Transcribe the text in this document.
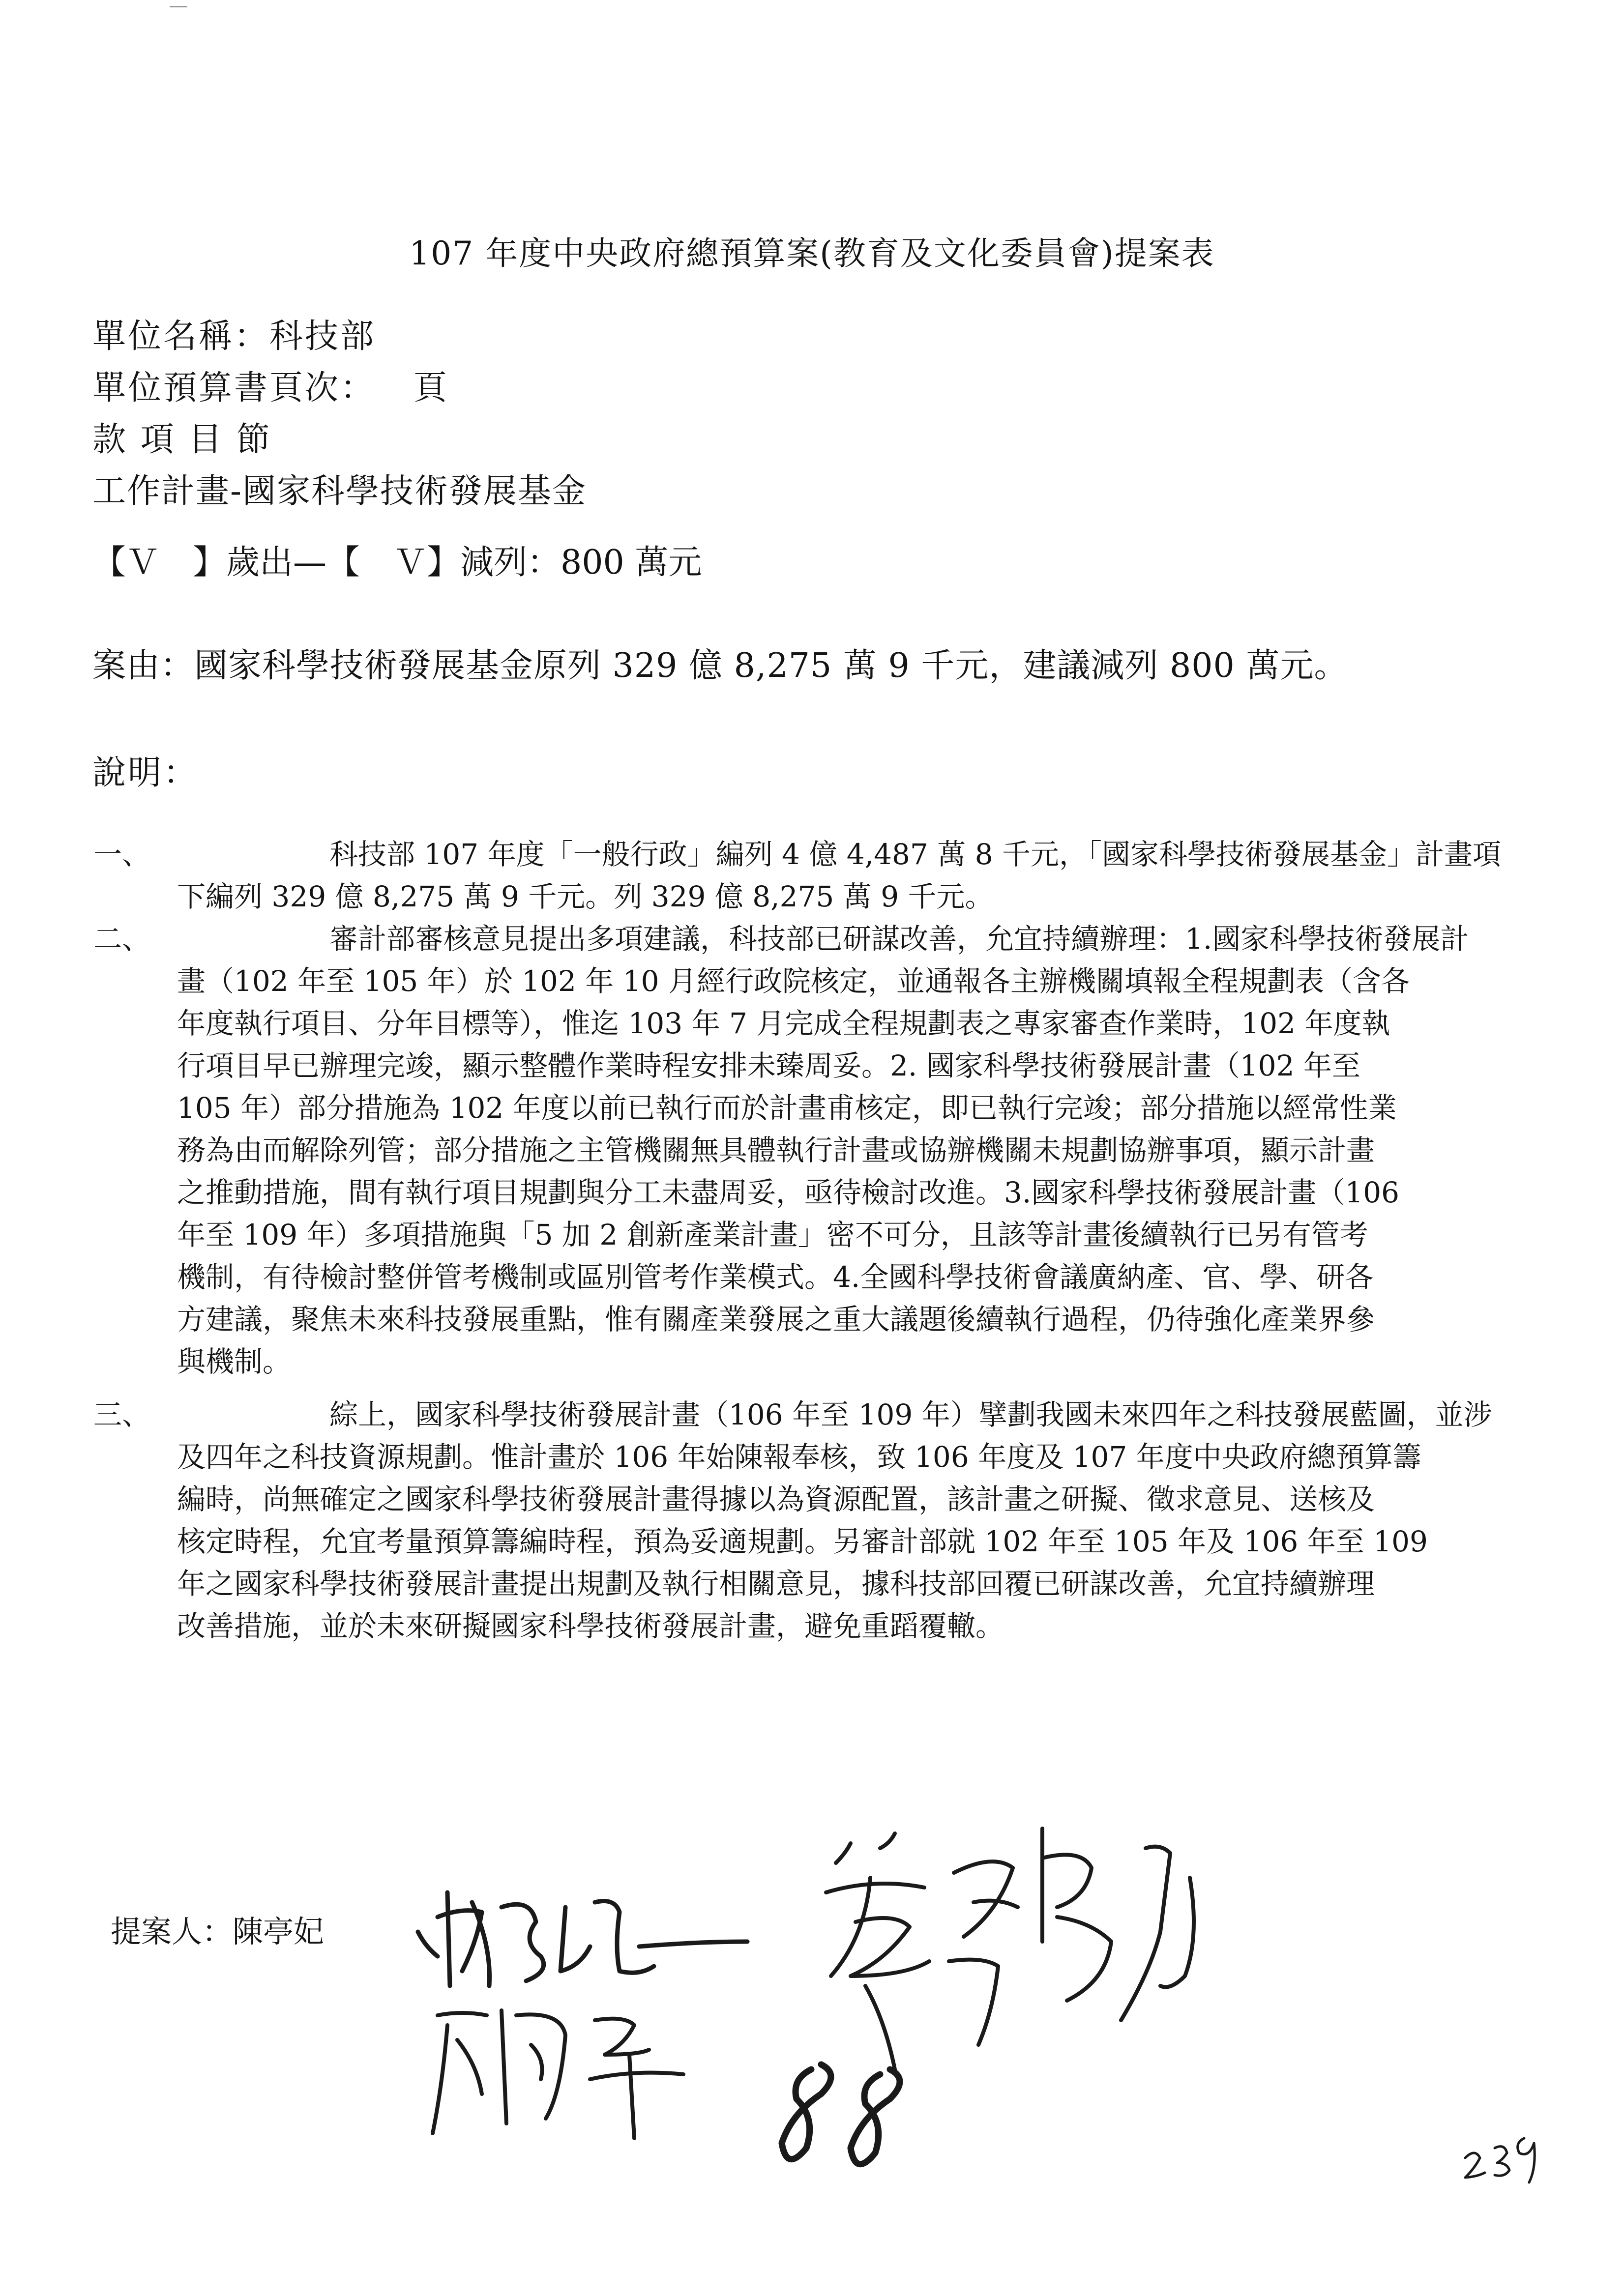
107 年度中央政府總預算案(教育及文化委員會)提案表
單位名稱：科技部
單位預算書頁次：   頁
款 項 目 節
工作計畫-國家科學技術發展基金
【Ｖ　】歲出—【　Ｖ】減列：800 萬元
案由：國家科學技術發展基金原列 329 億 8,275 萬 9 千元，建議減列 800 萬元。
說明：
一、	科技部 107 年度「一般行政」編列 4 億 4,487 萬 8 千元，「國家科學技術發展基金」計畫項
下編列 329 億 8,275 萬 9 千元。列 329 億 8,275 萬 9 千元。
二、	審計部審核意見提出多項建議，科技部已研謀改善，允宜持續辦理：1.國家科學技術發展計
畫（102 年至 105 年）於 102 年 10 月經行政院核定，並通報各主辦機關填報全程規劃表（含各
年度執行項目、分年目標等），惟迄 103 年 7 月完成全程規劃表之專家審查作業時，102 年度執
行項目早已辦理完竣，顯示整體作業時程安排未臻周妥。2. 國家科學技術發展計畫（102 年至
105 年）部分措施為 102 年度以前已執行而於計畫甫核定，即已執行完竣；部分措施以經常性業
務為由而解除列管；部分措施之主管機關無具體執行計畫或協辦機關未規劃協辦事項，顯示計畫
之推動措施，間有執行項目規劃與分工未盡周妥，亟待檢討改進。3.國家科學技術發展計畫（106
年至 109 年）多項措施與「5 加 2 創新產業計畫」密不可分，且該等計畫後續執行已另有管考
機制，有待檢討整併管考機制或區別管考作業模式。4.全國科學技術會議廣納產、官、學、研各
方建議，聚焦未來科技發展重點，惟有關產業發展之重大議題後續執行過程，仍待強化產業界參
與機制。
三、	綜上，國家科學技術發展計畫（106 年至 109 年）擘劃我國未來四年之科技發展藍圖，並涉
及四年之科技資源規劃。惟計畫於 106 年始陳報奉核，致 106 年度及 107 年度中央政府總預算籌
編時，尚無確定之國家科學技術發展計畫得據以為資源配置，該計畫之研擬、徵求意見、送核及
核定時程，允宜考量預算籌編時程，預為妥適規劃。另審計部就 102 年至 105 年及 106 年至 109
年之國家科學技術發展計畫提出規劃及執行相關意見，據科技部回覆已研謀改善，允宜持續辦理
改善措施，並於未來研擬國家科學技術發展計畫，避免重蹈覆轍。
提案人：陳亭妃
